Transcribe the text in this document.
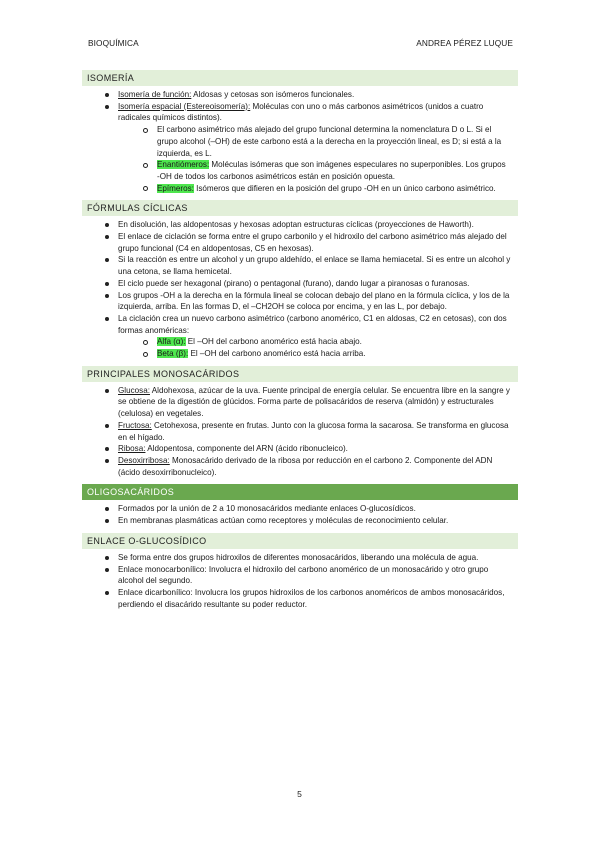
BIOQUÍMICA	ANDREA PÉREZ LUQUE
ISOMERÍA
Isomería de función: Aldosas y cetosas son isómeros funcionales.
Isomería espacial (Estereoisomería): Moléculas con uno o más carbonos asimétricos (unidos a cuatro radicales químicos distintos).
El carbono asimétrico más alejado del grupo funcional determina la nomenclatura D o L. Si el grupo alcohol (–OH) de este carbono está a la derecha en la proyección lineal, es D; si está a la izquierda, es L.
Enantiómeros: Moléculas isómeras que son imágenes especulares no superponibles. Los grupos -OH de todos los carbonos asimétricos están en posición opuesta.
Epímeros: Isómeros que difieren en la posición del grupo -OH en un único carbono asimétrico.
FÓRMULAS CÍCLICAS
En disolución, las aldopentosas y hexosas adoptan estructuras cíclicas (proyecciones de Haworth).
El enlace de ciclación se forma entre el grupo carbonilo y el hidroxilo del carbono asimétrico más alejado del grupo funcional (C4 en aldopentosas, C5 en hexosas).
Si la reacción es entre un alcohol y un grupo aldehído, el enlace se llama hemiacetal. Si es entre un alcohol y una cetona, se llama hemicetal.
El ciclo puede ser hexagonal (pirano) o pentagonal (furano), dando lugar a piranosas o furanosas.
Los grupos -OH a la derecha en la fórmula lineal se colocan debajo del plano en la fórmula cíclica, y los de la izquierda, arriba. En las formas D, el –CH2OH se coloca por encima, y en las L, por debajo.
La ciclación crea un nuevo carbono asimétrico (carbono anomérico, C1 en aldosas, C2 en cetosas), con dos formas anoméricas:
Alfa (α): El –OH del carbono anomérico está hacia abajo.
Beta (β): El –OH del carbono anomérico está hacia arriba.
PRINCIPALES MONOSACÁRIDOS
Glucosa: Aldohexosa, azúcar de la uva. Fuente principal de energía celular. Se encuentra libre en la sangre y se obtiene de la digestión de glúcidos. Forma parte de polisacáridos de reserva (almidón) y estructurales (celulosa) en vegetales.
Fructosa: Cetohexosa, presente en frutas. Junto con la glucosa forma la sacarosa. Se transforma en glucosa en el hígado.
Ribosa: Aldopentosa, componente del ARN (ácido ribonucleico).
Desoxirribosa: Monosacárido derivado de la ribosa por reducción en el carbono 2. Componente del ADN (ácido desoxirribonucleico).
OLIGOSACÁRIDOS
Formados por la unión de 2 a 10 monosacáridos mediante enlaces O-glucosídicos.
En membranas plasmáticas actúan como receptores y moléculas de reconocimiento celular.
ENLACE O-GLUCOSÍDICO
Se forma entre dos grupos hidroxilos de diferentes monosacáridos, liberando una molécula de agua.
Enlace monocarbonílico: Involucra el hidroxilo del carbono anomérico de un monosacárido y otro grupo alcohol del segundo.
Enlace dicarbonílico: Involucra los grupos hidroxilos de los carbonos anoméricos de ambos monosacáridos, perdiendo el disacárido resultante su poder reductor.
5
